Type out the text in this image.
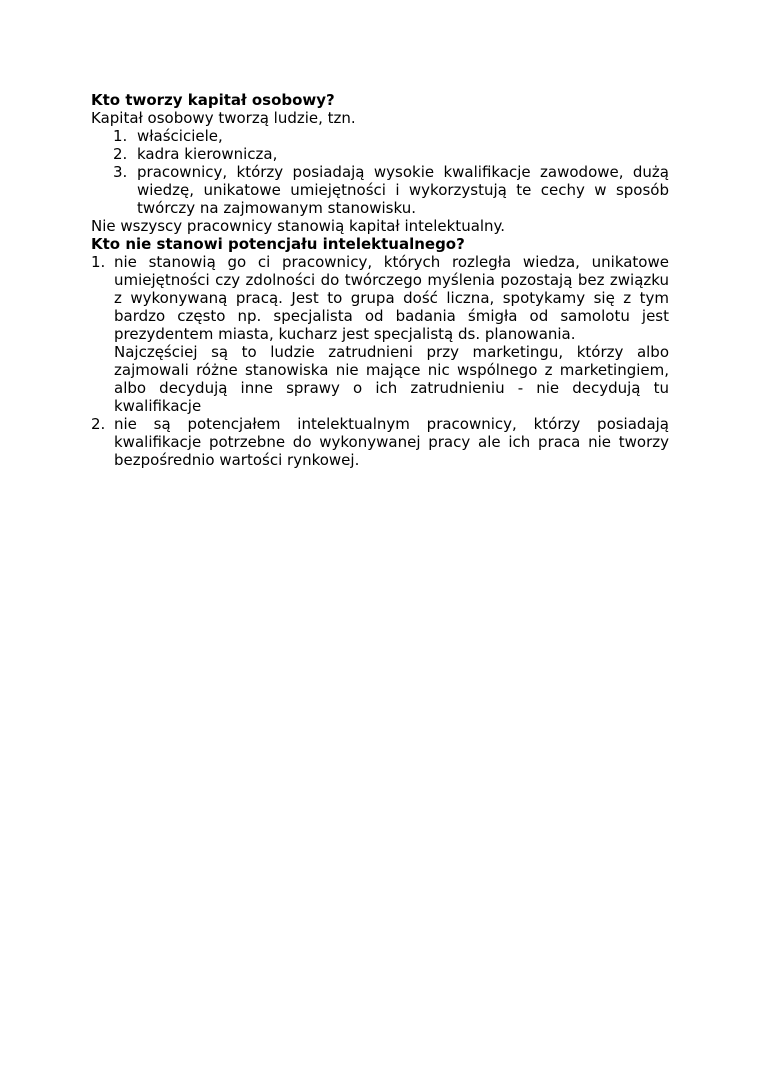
Kto tworzy kapitał osobowy?

Kapitał osobowy tworzą ludzie, tzn.

1. właściciele,
2. kadra kierownicza,
3. pracownicy, którzy posiadają wysokie kwalifikacje zawodowe, dużą wiedzę, unikatowe umiejętności i wykorzystują te cechy w sposób twórczy na zajmowanym stanowisku.

Nie wszyscy pracownicy stanowią kapitał intelektualny.

Kto nie stanowi potencjału intelektualnego?

1. nie stanowią go ci pracownicy, których rozległa wiedza, unikatowe umiejętności czy zdolności do twórczego myślenia pozostają bez związku z wykonywaną pracą. Jest to grupa dość liczna, spotykamy się z tym bardzo często np. specjalista od badania śmigła od samolotu jest prezydentem miasta, kucharz jest specjalistą ds. planowania.
Najczęściej są to ludzie zatrudnieni przy marketingu, którzy albo zajmowali różne stanowiska nie mające nic wspólnego z marketingiem, albo decydują inne sprawy o ich zatrudnieniu - nie decydują tu kwalifikacje
2. nie są potencjałem intelektualnym pracownicy, którzy posiadają kwalifikacje potrzebne do wykonywanej pracy ale ich praca nie tworzy bezpośrednio wartości rynkowej.
